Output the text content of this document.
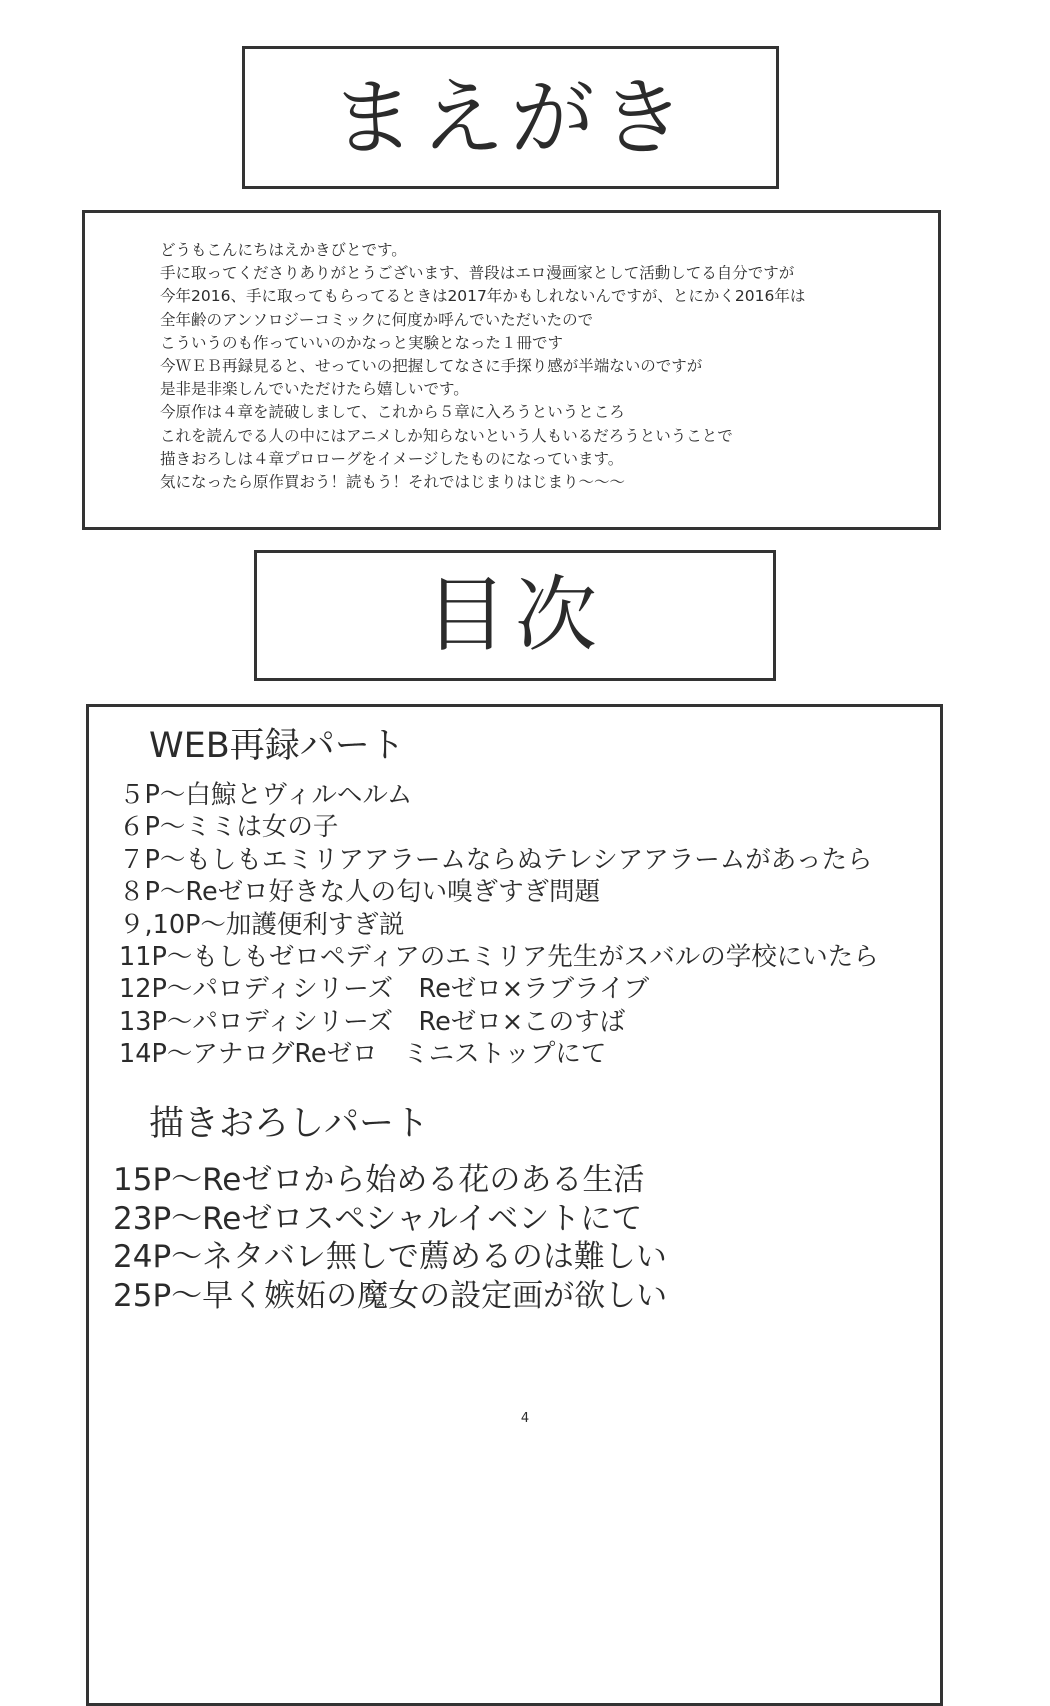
まえがき
どうもこんにちはえかきびとです。
手に取ってくださりありがとうございます、普段はエロ漫画家として活動してる自分ですが
今年2016、手に取ってもらってるときは2017年かもしれないんですが、とにかく2016年は
全年齢のアンソロジーコミックに何度か呼んでいただいたので
こういうのも作っていいのかなっと実験となった１冊です
今ＷＥＢ再録見ると、せっていの把握してなさに手探り感が半端ないのですが
是非是非楽しんでいただけたら嬉しいです。
今原作は４章を読破しまして、これから５章に入ろうというところ
これを読んでる人の中にはアニメしか知らないという人もいるだろうということで
描きおろしは４章プロローグをイメージしたものになっています。
気になったら原作買おう！読もう！それではじまりはじまり〜〜〜
目次
WEB再録パート
５P〜白鯨とヴィルヘルム
６P〜ミミは女の子
７P〜もしもエミリアアラームならぬテレシアアラームがあったら
８P〜Reゼロ好きな人の匂い嗅ぎすぎ問題
９,10P〜加護便利すぎ説
11P〜もしもゼロペディアのエミリア先生がスバルの学校にいたら
12P〜パロディシリーズ　Reゼロ×ラブライブ
13P〜パロディシリーズ　Reゼロ×このすば
14P〜アナログReゼロ　ミニストップにて
描きおろしパート
15P〜Reゼロから始める花のある生活
23P〜Reゼロスペシャルイベントにて
24P〜ネタバレ無しで薦めるのは難しい
25P〜早く嫉妬の魔女の設定画が欲しい
4
